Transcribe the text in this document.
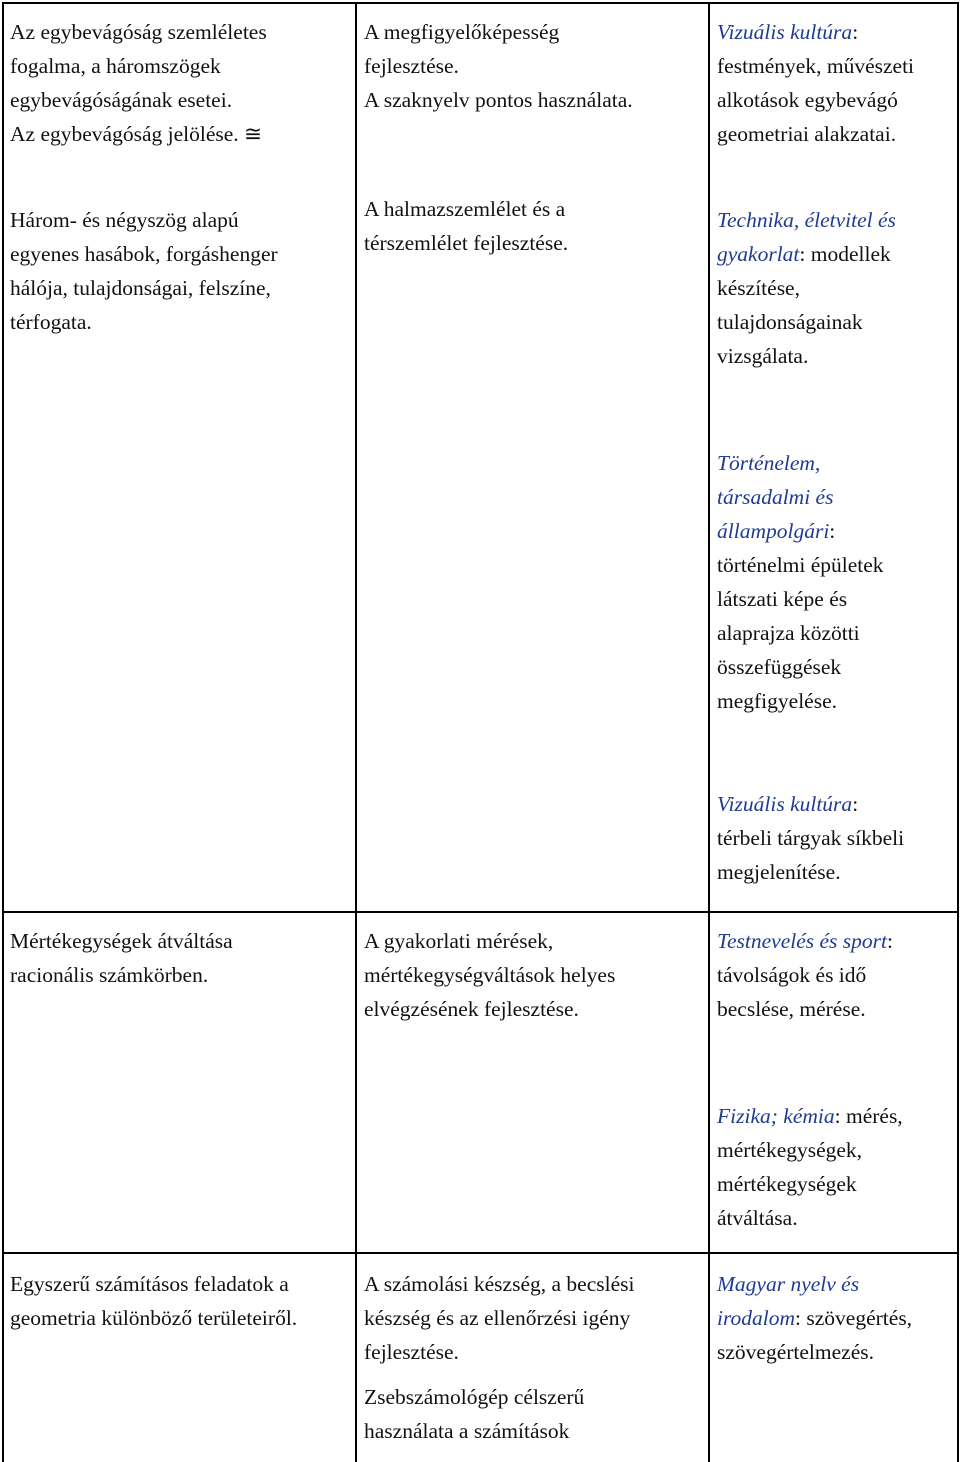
Az egybevágóság szemléletes

fogalma, a háromszögek

egybevágóságának esetei.

Az egybevágóság jelölése. ≅

Három- és négyszög alapú

egyenes hasábok, forgáshenger

hálója, tulajdonságai, felszíne,

térfogata.

A megfigyelőképesség

fejlesztése.

A szaknyelv pontos használata.

A halmazszemlélet és a

térszemlélet fejlesztése.

Vizuális kultúra:

festmények, művészeti

alkotások egybevágó

geometriai alakzatai.

Technika, életvitel és

gyakorlat: modellek

készítése,

tulajdonságainak

vizsgálata.

Történelem,

társadalmi és

állampolgári:

történelmi épületek

látszati képe és

alaprajza közötti

összefüggések

megfigyelése.

Vizuális kultúra:

térbeli tárgyak síkbeli

megjelenítése.

Mértékegységek átváltása

racionális számkörben.

A gyakorlati mérések,

mértékegységváltások helyes

elvégzésének fejlesztése.

Testnevelés és sport:

távolságok és idő

becslése, mérése.

Fizika; kémia: mérés,

mértékegységek,

mértékegységek

átváltása.

Egyszerű számításos feladatok a

geometria különböző területeiről.

A számolási készség, a becslési

készség és az ellenőrzési igény

fejlesztése.

Zsebszámológép célszerű

használata a számítások

Magyar nyelv és

irodalom: szövegértés,

szövegértelmezés.
